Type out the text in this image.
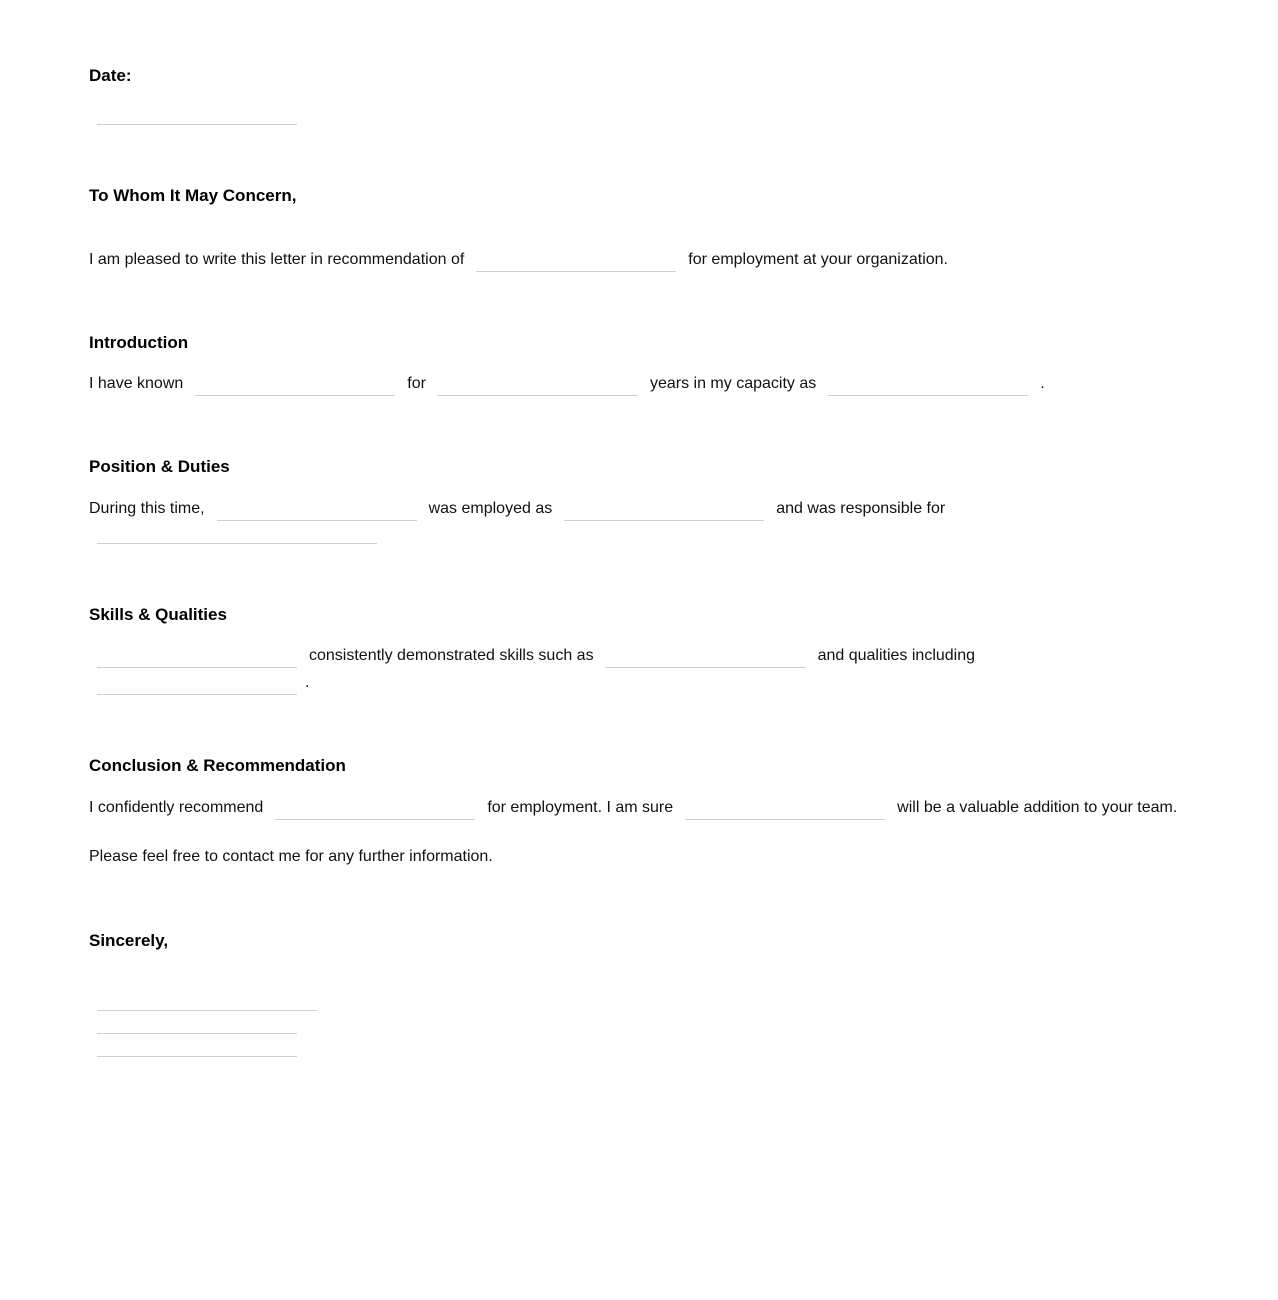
Date:
To Whom It May Concern,
I am pleased to write this letter in recommendation of	for employment at your organization.
Introduction
I have known	for	years in my capacity as	.
Position & Duties
During this time,	was employed as	and was responsible for
Skills & Qualities
consistently demonstrated skills such as	and qualities including
.
Conclusion & Recommendation
I confidently recommend	for employment. I am sure	will be a valuable addition to your team.
Please feel free to contact me for any further information.
Sincerely,
